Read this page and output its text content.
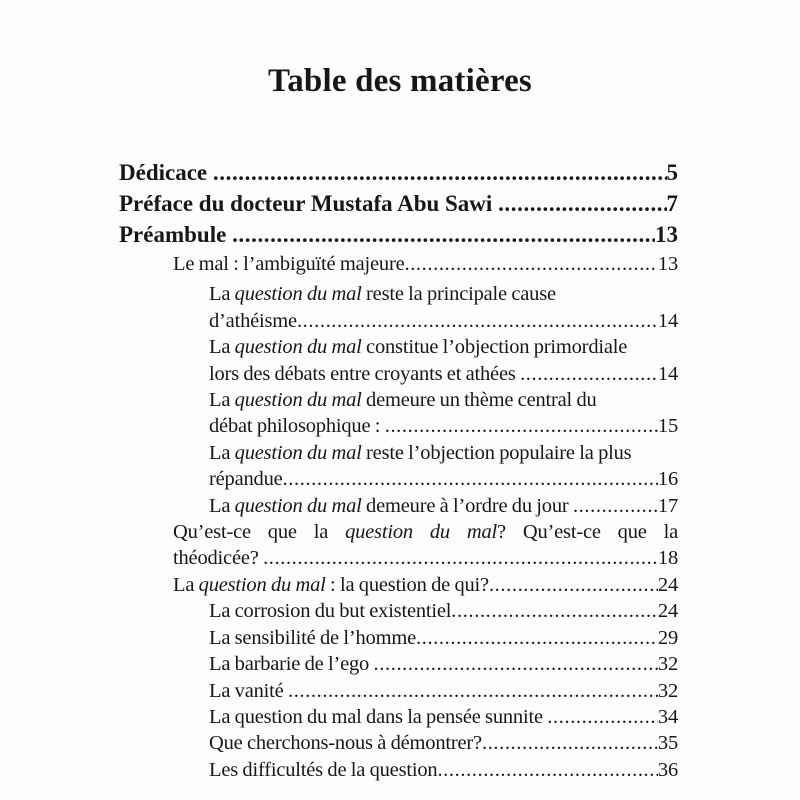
Table des matières
Dédicace .....	5
Préface du docteur Mustafa Abu Sawi .....	7
Préambule .....	13
Le mal : l’ambiguïté majeure .....	13
La question du mal reste la principale cause
d’athéisme .....	14
La question du mal constitue l’objection primordiale
lors des débats entre croyants et athées .....	14
La question du mal demeure un thème central du
débat philosophique : .....	15
La question du mal reste l’objection populaire la plus
répandue .....	16
La question du mal demeure à l’ordre du jour .....	17
Qu’est-ce que la question du mal? Qu’est-ce que la
théodicée? .....	18
La question du mal : la question de qui? .....	24
La corrosion du but existentiel .....	24
La sensibilité de l’homme .....	29
La barbarie de l’ego .....	32
La vanité .....	32
La question du mal dans la pensée sunnite .....	34
Que cherchons-nous à démontrer? .....	35
Les difficultés de la question .....	36
